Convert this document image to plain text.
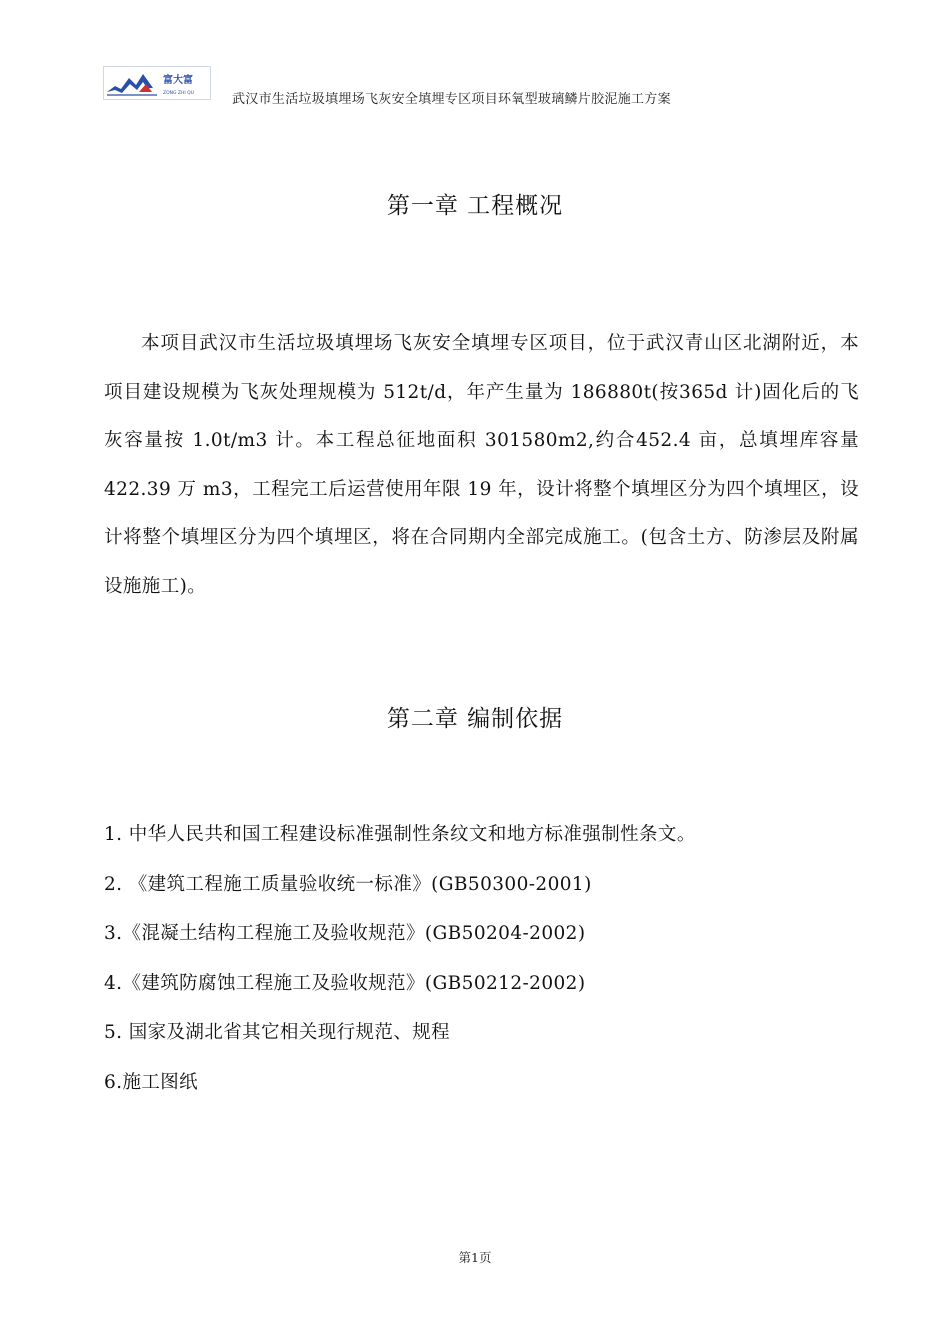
富大富
ZONG ZHI QU	武汉市生活垃圾填埋场飞灰安全填埋专区项目环氧型玻璃鳞片胶泥施工方案
第一章 工程概况

本项目武汉市生活垃圾填埋场飞灰安全填埋专区项目，位于武汉青山区北湖附近，本项目建设规模为飞灰处理规模为 512t/d，年产生量为 186880t(按365d 计)固化后的飞灰容量按 1.0t/m3 计。本工程总征地面积 301580m2,约合452.4 亩，总填埋库容量 422.39 万 m3，工程完工后运营使用年限 19 年，设计将整个填埋区分为四个填埋区，设计将整个填埋区分为四个填埋区，将在合同期内全部完成施工。(包含土方、防渗层及附属设施施工)。

第二章 编制依据
1. 中华人民共和国工程建设标准强制性条纹文和地方标准强制性条文。
2. 《建筑工程施工质量验收统一标准》(GB50300-2001)
3.《混凝土结构工程施工及验收规范》(GB50204-2002)
4.《建筑防腐蚀工程施工及验收规范》(GB50212-2002)
5. 国家及湖北省其它相关现行规范、规程
6.施工图纸
第1页
